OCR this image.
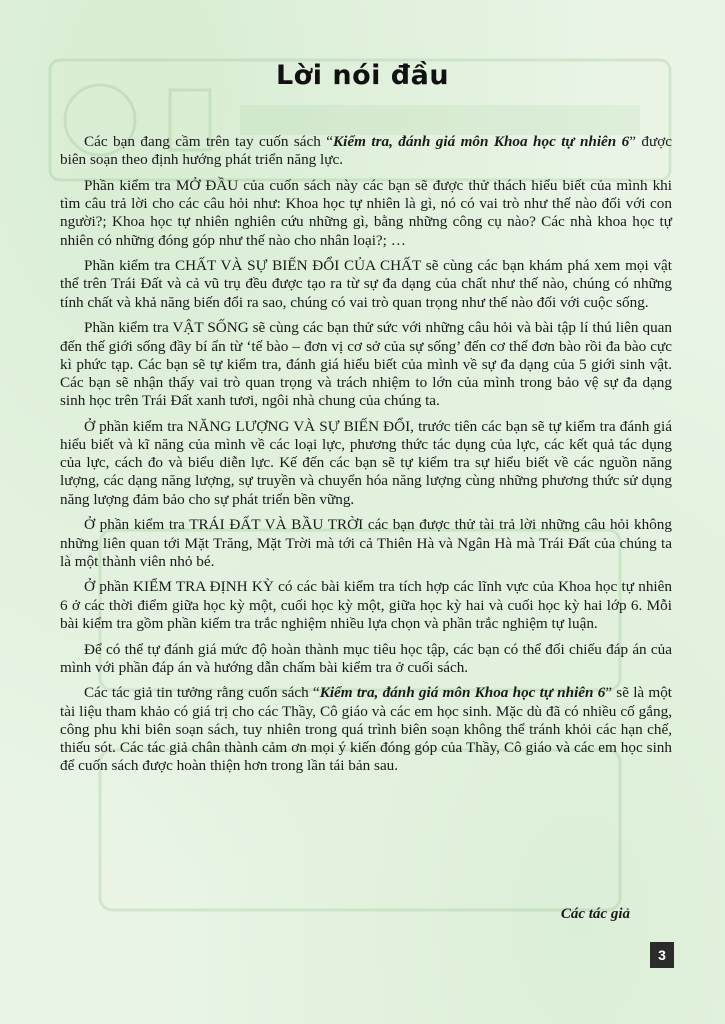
Lời nói đầu

Các bạn đang cầm trên tay cuốn sách “Kiểm tra, đánh giá môn Khoa học tự nhiên 6” được biên soạn theo định hướng phát triển năng lực.

Phần kiểm tra MỞ ĐẦU của cuốn sách này các bạn sẽ được thử thách hiểu biết của mình khi tìm câu trả lời cho các câu hỏi như: Khoa học tự nhiên là gì, nó có vai trò như thế nào đối với con người?; Khoa học tự nhiên nghiên cứu những gì, bằng những công cụ nào? Các nhà khoa học tự nhiên có những đóng góp như thế nào cho nhân loại?; …

Phần kiểm tra CHẤT VÀ SỰ BIẾN ĐỔI CỦA CHẤT sẽ cùng các bạn khám phá xem mọi vật thể trên Trái Đất và cả vũ trụ đều được tạo ra từ sự đa dạng của chất như thế nào, chúng có những tính chất và khả năng biến đổi ra sao, chúng có vai trò quan trọng như thế nào đối với cuộc sống.

Phần kiểm tra VẬT SỐNG sẽ cùng các bạn thử sức với những câu hỏi và bài tập lí thú liên quan đến thế giới sống đầy bí ẩn từ ‘tế bào – đơn vị cơ sở của sự sống’ đến cơ thể đơn bào rồi đa bào cực kì phức tạp. Các bạn sẽ tự kiểm tra, đánh giá hiểu biết của mình về sự đa dạng của 5 giới sinh vật. Các bạn sẽ nhận thấy vai trò quan trọng và trách nhiệm to lớn của mình trong bảo vệ sự đa dạng sinh học trên Trái Đất xanh tươi, ngôi nhà chung của chúng ta.

Ở phần kiểm tra NĂNG LƯỢNG VÀ SỰ BIẾN ĐỔI, trước tiên các bạn sẽ tự kiểm tra đánh giá hiểu biết và kĩ năng của mình về các loại lực, phương thức tác dụng của lực, các kết quả tác dụng của lực, cách đo và biểu diễn lực. Kế đến các bạn sẽ tự kiểm tra sự hiểu biết về các nguồn năng lượng, các dạng năng lượng, sự truyền và chuyển hóa năng lượng cùng những phương thức sử dụng năng lượng đảm bảo cho sự phát triển bền vững.

Ở phần kiểm tra TRÁI ĐẤT VÀ BẦU TRỜI các bạn được thử tài trả lời những câu hỏi không những liên quan tới Mặt Trăng, Mặt Trời mà tới cả Thiên Hà và Ngân Hà mà Trái Đất của chúng ta là một thành viên nhỏ bé.

Ở phần KIỂM TRA ĐỊNH KỲ có các bài kiểm tra tích hợp các lĩnh vực của Khoa học tự nhiên 6 ở các thời điểm giữa học kỳ một, cuối học kỳ một, giữa học kỳ hai và cuối học kỳ hai lớp 6. Mỗi bài kiểm tra gồm phần kiểm tra trắc nghiệm nhiều lựa chọn và phần trắc nghiệm tự luận.

Để có thể tự đánh giá mức độ hoàn thành mục tiêu học tập, các bạn có thể đối chiếu đáp án của mình với phần đáp án và hướng dẫn chấm bài kiểm tra ở cuối sách.

Các tác giả tin tưởng rằng cuốn sách “Kiểm tra, đánh giá môn Khoa học tự nhiên 6” sẽ là một tài liệu tham khảo có giá trị cho các Thầy, Cô giáo và các em học sinh. Mặc dù đã có nhiều cố gắng, công phu khi biên soạn sách, tuy nhiên trong quá trình biên soạn không thể tránh khỏi các hạn chế, thiếu sót. Các tác giả chân thành cảm ơn mọi ý kiến đóng góp của Thầy, Cô giáo và các em học sinh để cuốn sách được hoàn thiện hơn trong lần tái bản sau.

Các tác giả
3
